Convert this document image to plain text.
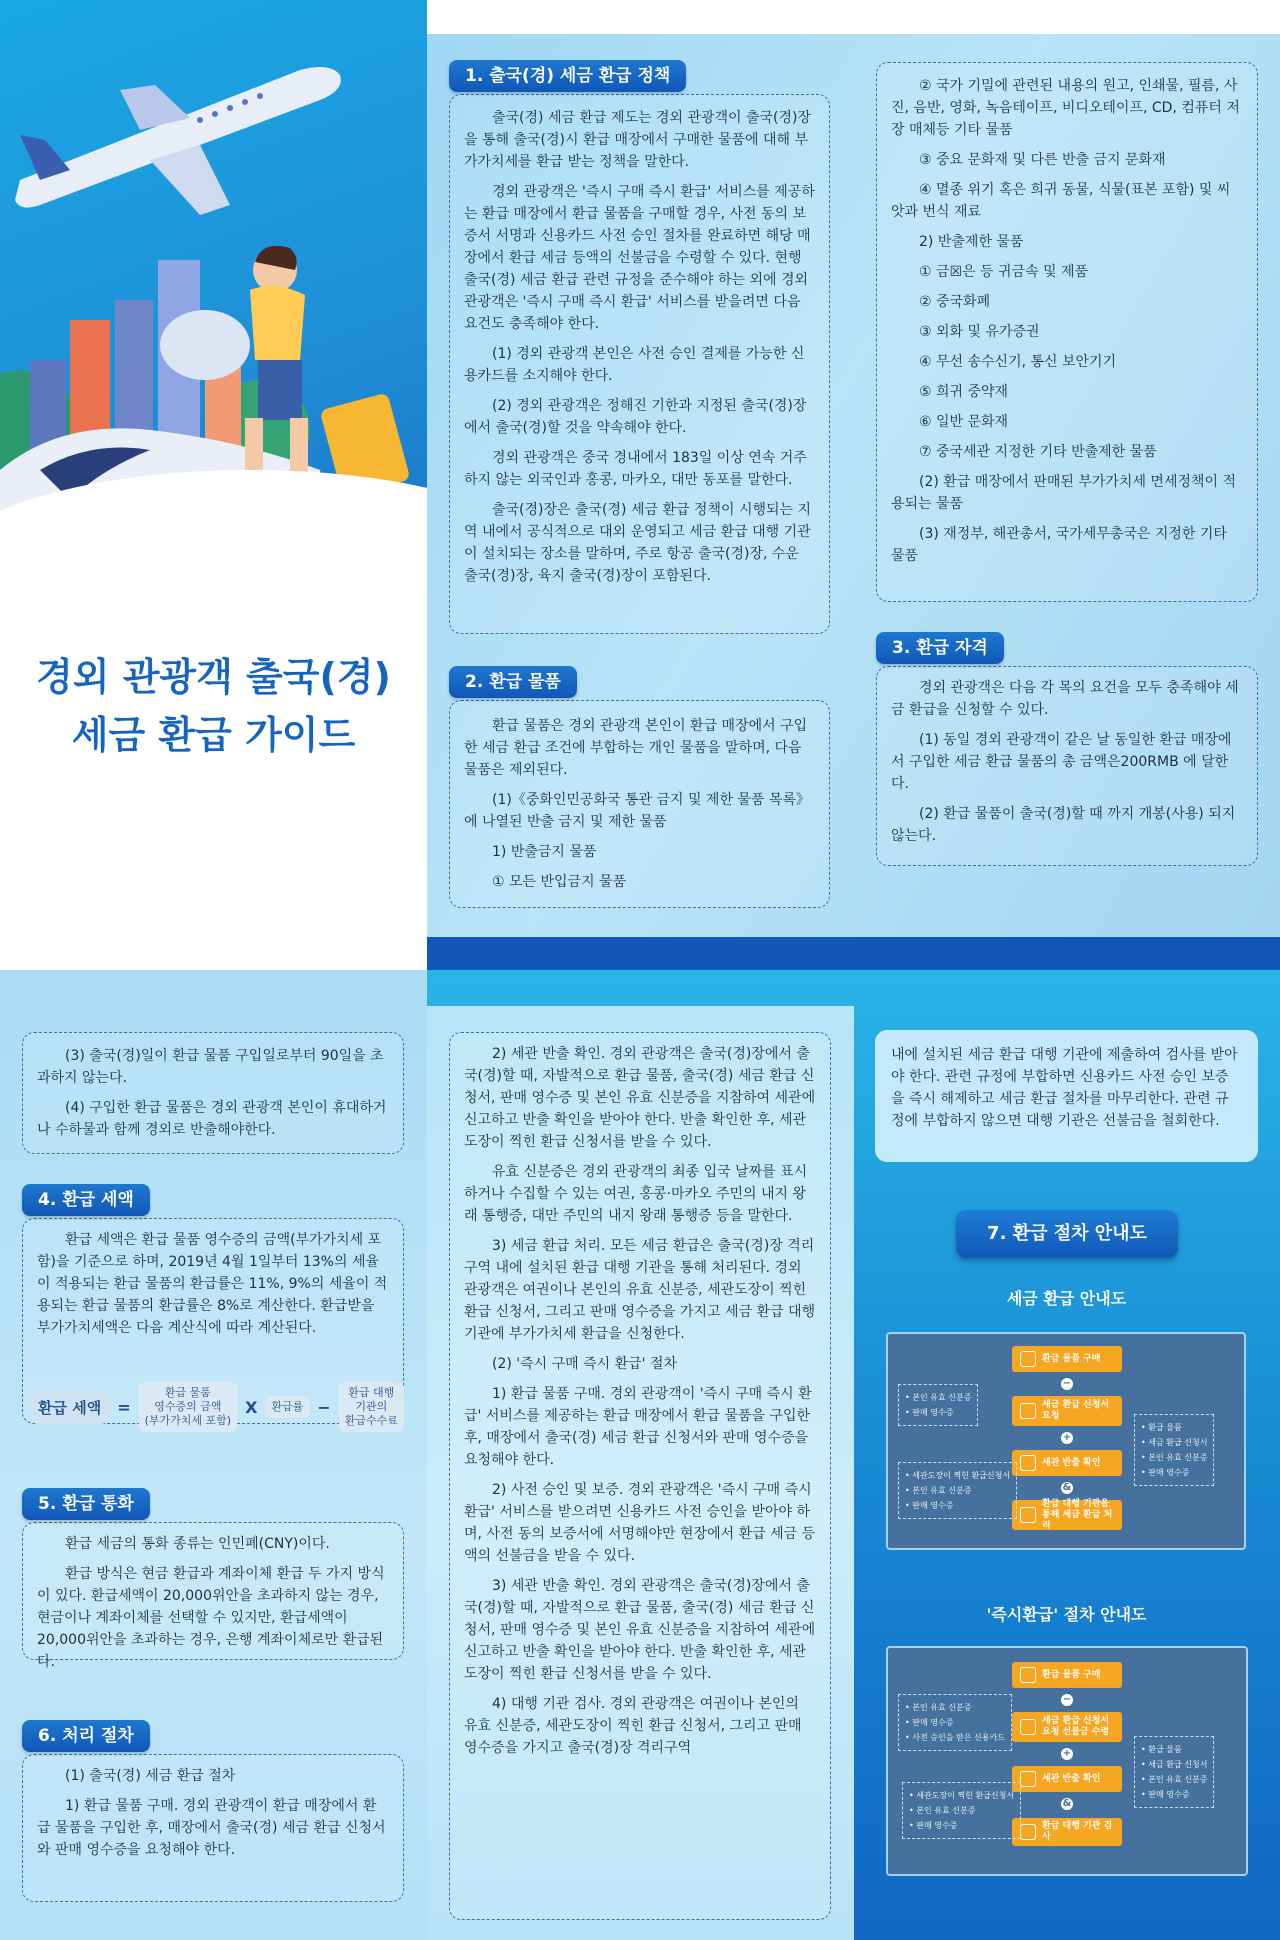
경외 관광객 출국(경)
세금 환급 가이드
출국(경) 세금 환급 제도는 경외 관광객이 출국(경)장을 통해 출국(경)시 환급 매장에서 구매한 물품에 대해 부가가치세를 환급 받는 정책을 말한다.
경외 관광객은 '즉시 구매 즉시 환급' 서비스를 제공하는 환급 매장에서 환급 물품을 구매할 경우, 사전 동의 보증서 서명과 신용카드 사전 승인 절차를 완료하면 해당 매장에서 환급 세금 등액의 선불금을 수령할 수 있다. 현행 출국(경) 세금 환급 관련 규정을 준수해야 하는 외에 경외 관광객은 '즉시 구매 즉시 환급' 서비스를 받을려면 다음 요건도 충족해야 한다.
(1) 경외 관광객 본인은 사전 승인 결제를 가능한 신용카드를 소지해야 한다.
(2) 경외 관광객은 정해진 기한과 지정된 출국(경)장에서 출국(경)할 것을 약속해야 한다.
경외 관광객은 중국 경내에서 183일 이상 연속 거주하지 않는 외국인과 홍콩, 마카오, 대만 동포를 말한다.
출국(경)장은 출국(경) 세금 환급 정책이 시행되는 지역 내에서 공식적으로 대외 운영되고 세금 환급 대행 기관이 설치되는 장소를 말하며, 주로 항공 출국(경)장, 수운 출국(경)장, 육지 출국(경)장이 포함된다.
1. 출국(경) 세금 환급 정책
환급 물품은 경외 관광객 본인이 환급 매장에서 구입한 세금 환급 조건에 부합하는 개인 물품을 말하며, 다음 물품은 제외된다.
(1)《중화인민공화국 통관 금지 및 제한 물품 목록》에 나열된 반출 금지 및 제한 물품
1) 반출금지 물품
① 모든 반입금지 물품
2. 환급 물품
② 국가 기밀에 관련된 내용의 원고, 인쇄물, 필름, 사진, 음반, 영화, 녹음테이프, 비디오테이프, CD, 컴퓨터 저장 매체등 기타 물품
③ 중요 문화재 및 다른 반출 금지 문화재
④ 멸종 위기 혹은 희귀 동물, 식물(표본 포함) 및 씨앗과 번식 재료
2) 반출제한 물품
① 금☒은 등 귀금속 및 제품
② 중국화폐
③ 외화 및 유가증권
④ 무선 송수신기, 통신 보안기기
⑤ 희귀 중약재
⑥ 일반 문화재
⑦ 중국세관 지정한 기타 반출제한 물품
(2) 환급 매장에서 판매된 부가가치세 면세정책이 적용되는 물품
(3) 재정부, 해관총서, 국가세무총국은 지정한 기타 물품
경외 관광객은 다음 각 목의 요건을 모두 충족해야 세금 환급을 신청할 수 있다.
(1) 동일 경외 관광객이 같은 날 동일한 환급 매장에서 구입한 세금 환급 물품의 총 금액은200RMB 에 달한다.
(2) 환급 물품이 출국(경)할 때 까지 개봉(사용) 되지 않는다.
3. 환급 자격
(3) 출국(경)일이 환급 물품 구입일로부터 90일을 초과하지 않는다.
(4) 구입한 환급 물품은 경외 관광객 본인이 휴대하거나 수하물과 함께 경외로 반출해야한다.
환급 세액은 환급 물품 영수증의 금액(부가가치세 포함)을 기준으로 하며, 2019년 4월 1일부터 13%의 세율이 적용되는 환급 물품의 환급률은 11%, 9%의 세율이 적용되는 환급 물품의 환급률은 8%로 계산한다. 환급받을 부가가치세액은 다음 계산식에 따라 계산된다.
환급 세액	=
환급 물품
영수증의 금액
(부가가치세 포함)
X	환급률 −
환급 대행
기관의
환급수수료
4. 환급 세액
환급 세금의 통화 종류는 인민폐(CNY)이다.
환급 방식은 현금 환급과 계좌이체 환급 두 가지 방식이 있다. 환급세액이 20,000위안을 초과하지 않는 경우, 현금이나 계좌이체를 선택할 수 있지만, 환급세액이 20,000위안을 초과하는 경우, 은행 계좌이체로만 환급된다.
5. 환급 통화
(1) 출국(경) 세금 환급 절차
1) 환급 물품 구매. 경외 관광객이 환급 매장에서 환급 물품을 구입한 후, 매장에서 출국(경) 세금 환급 신청서와 판매 영수증을 요청해야 한다.
6. 처리 절차
2) 세관 반출 확인. 경외 관광객은 출국(경)장에서 출국(경)할 때, 자발적으로 환급 물품, 출국(경) 세금 환급 신청서, 판매 영수증 및 본인 유효 신분증을 지참하여 세관에 신고하고 반출 확인을 받아야 한다. 반출 확인한 후, 세관도장이 찍힌 환급 신청서를 받을 수 있다.
유효 신분증은 경외 관광객의 최종 입국 날짜를 표시하거나 수집할 수 있는 여권, 홍콩·마카오 주민의 내지 왕래 통행증, 대만 주민의 내지 왕래 통행증 등을 말한다.
3) 세금 환급 처리. 모든 세금 환급은 출국(경)장 격리구역 내에 설치된 환급 대행 기관을 통해 처리된다. 경외 관광객은 여권이나 본인의 유효 신분증, 세관도장이 찍힌 환급 신청서, 그리고 판매 영수증을 가지고 세금 환급 대행 기관에 부가가치세 환급을 신청한다.
(2) '즉시 구매 즉시 환급' 절차
1) 환급 물품 구매. 경외 관광객이 '즉시 구매 즉시 환급' 서비스를 제공하는 환급 매장에서 환급 물품을 구입한 후, 매장에서 출국(경) 세금 환급 신청서와 판매 영수증을 요청해야 한다.
2) 사전 승인 및 보증. 경외 관광객은 '즉시 구매 즉시 환급' 서비스를 받으려면 신용카드 사전 승인을 받아야 하며, 사전 동의 보증서에 서명해야만 현장에서 환급 세금 등액의 선불금을 받을 수 있다.
3) 세관 반출 확인. 경외 관광객은 출국(경)장에서 출국(경)할 때, 자발적으로 환급 물품, 출국(경) 세금 환급 신청서, 판매 영수증 및 본인 유효 신분증을 지참하여 세관에 신고하고 반출 확인을 받아야 한다. 반출 확인한 후, 세관도장이 찍힌 환급 신청서를 받을 수 있다.
4) 대행 기관 검사. 경외 관광객은 여권이나 본인의 유효 신분증, 세관도장이 찍힌 환급 신청서, 그리고 판매 영수증을 가지고 출국(경)장 격리구역
내에 설치된 세금 환급 대행 기관에 제출하여 검사를 받아야 한다. 관련 규정에 부합하면 신용카드 사전 승인 보증을 즉시 해제하고 세금 환급 절차를 마무리한다. 관련 규정에 부합하지 않으면 대행 기관은 선불금을 철회한다.
7. 환급 절차 안내도
세금 환급 안내도
환급 물품 구매
−
세금 환급 신청서 요청
+
세관 반출 확인
&
환급 대행 기관을 통해 세금 환급 처리
• 본인 유효 신분증
• 판매 영수증
• 세관도장이 찍힌 환급신청서
• 본인 유효 신분증
• 판매 영수증
• 환급 물품
• 세금 환급 신청서
• 본인 유효 신분증
• 판매 영수증
'즉시환급' 절차 안내도
환급 물품 구매
−
세금 환급 신청서 요청 선불금 수령
+
세관 반출 확인
&
환급 대행 기관 검사
• 본인 유효 신분증
• 판매 영수증
• 사전 승인을 받은 신용카드
• 세관도장이 찍힌 환급신청서
• 본인 유효 신분증
• 판매 영수증
• 환급 물품
• 세금 환급 신청서
• 본인 유효 신분증
• 판매 영수증
